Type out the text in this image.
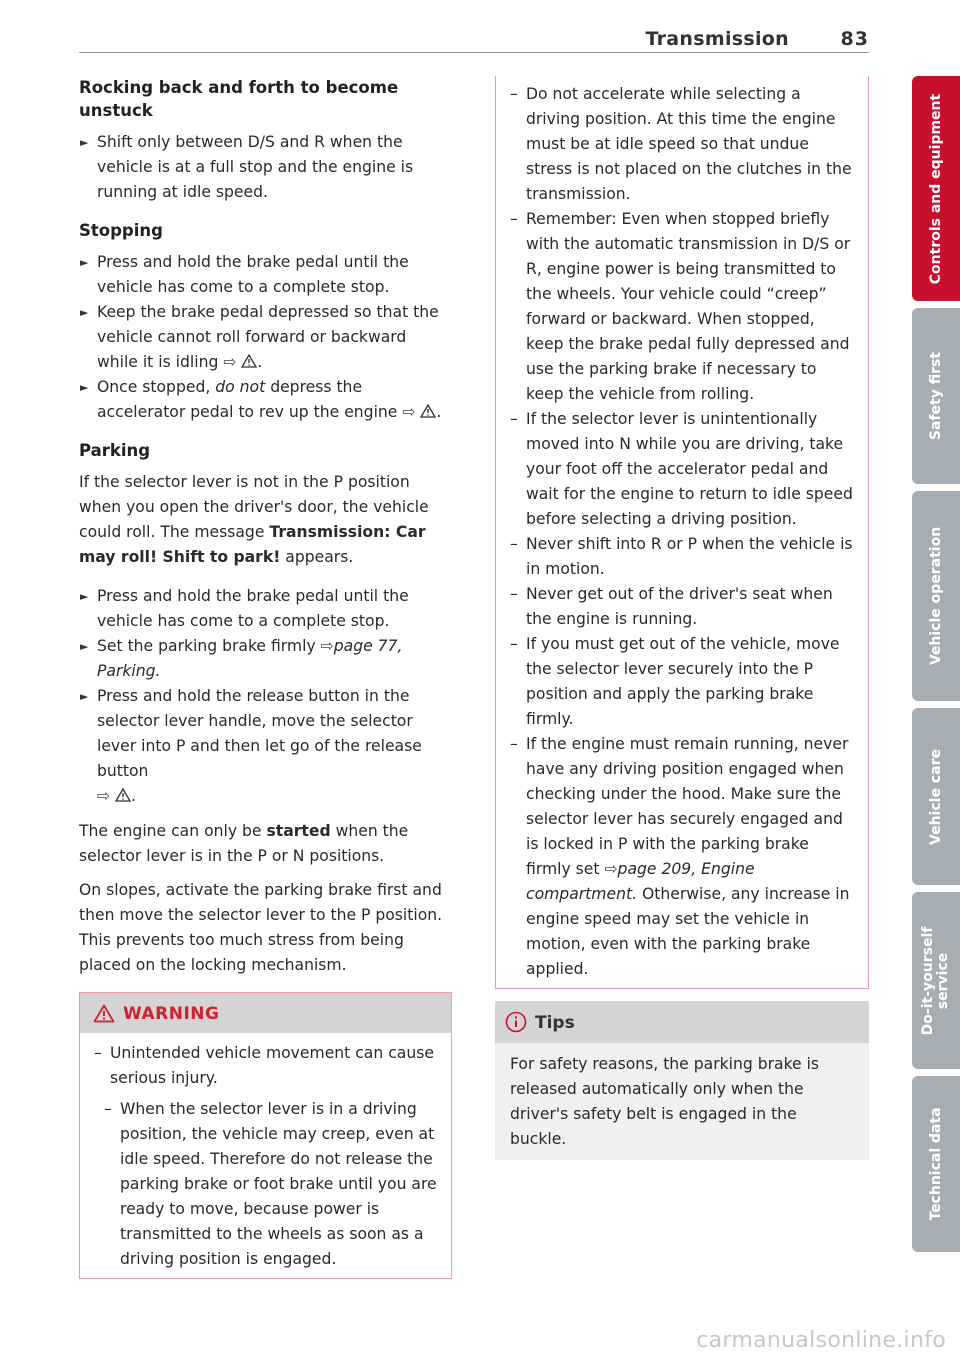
Transmission	83
Rocking back and forth to become unstuck
► Shift only between D/S and R when the vehicle is at a full stop and the engine is running at idle speed.
Stopping
► Press and hold the brake pedal until the vehicle has come to a complete stop.
► Keep the brake pedal depressed so that the vehicle cannot roll forward or backward while it is idling ⇨ .
► Once stopped, do not depress the accelerator pedal to rev up the engine ⇨ .
Parking

If the selector lever is not in the P position when you open the driver's door, the vehicle could roll. The message Transmission: Car may roll! Shift to park! appears.

► Press and hold the brake pedal until the vehicle has come to a complete stop.
► Set the parking brake firmly ⇨page 77, Parking.
► Press and hold the release button in the selector lever handle, move the selector lever into P and then let go of the release button
⇨ .

The engine can only be started when the selector lever is in the P or N positions.

On slopes, activate the parking brake first and then move the selector lever to the P position. This prevents too much stress from being placed on the locking mechanism.

WARNING
– Unintended vehicle movement can cause serious injury.
– When the selector lever is in a driving position, the vehicle may creep, even at idle speed. Therefore do not release the parking brake or foot brake until you are ready to move, because power is transmitted to the wheels as soon as a driving position is engaged.
– Do not accelerate while selecting a driving position. At this time the engine must be at idle speed so that undue stress is not placed on the clutches in the transmission.
– Remember: Even when stopped briefly with the automatic transmission in D/S or R, engine power is being transmitted to the wheels. Your vehicle could “creep” forward or backward. When stopped, keep the brake pedal fully depressed and use the parking brake if necessary to keep the vehicle from rolling.
– If the selector lever is unintentionally moved into N while you are driving, take your foot off the accelerator pedal and wait for the engine to return to idle speed before selecting a driving position.
– Never shift into R or P when the vehicle is in motion.
– Never get out of the driver's seat when the engine is running.
– If you must get out of the vehicle, move the selector lever securely into the P position and apply the parking brake firmly.
– If the engine must remain running, never have any driving position engaged when checking under the hood. Make sure the selector lever has securely engaged and is locked in P with the parking brake firmly set ⇨page 209, Engine compartment. Otherwise, any increase in engine speed may set the vehicle in motion, even with the parking brake applied.
Tips
For safety reasons, the parking brake is released automatically only when the driver's safety belt is engaged in the buckle.
Controls and equipment
Safety first
Vehicle operation
Vehicle care
Do-it-yourself service
Technical data
carmanualsonline.info
